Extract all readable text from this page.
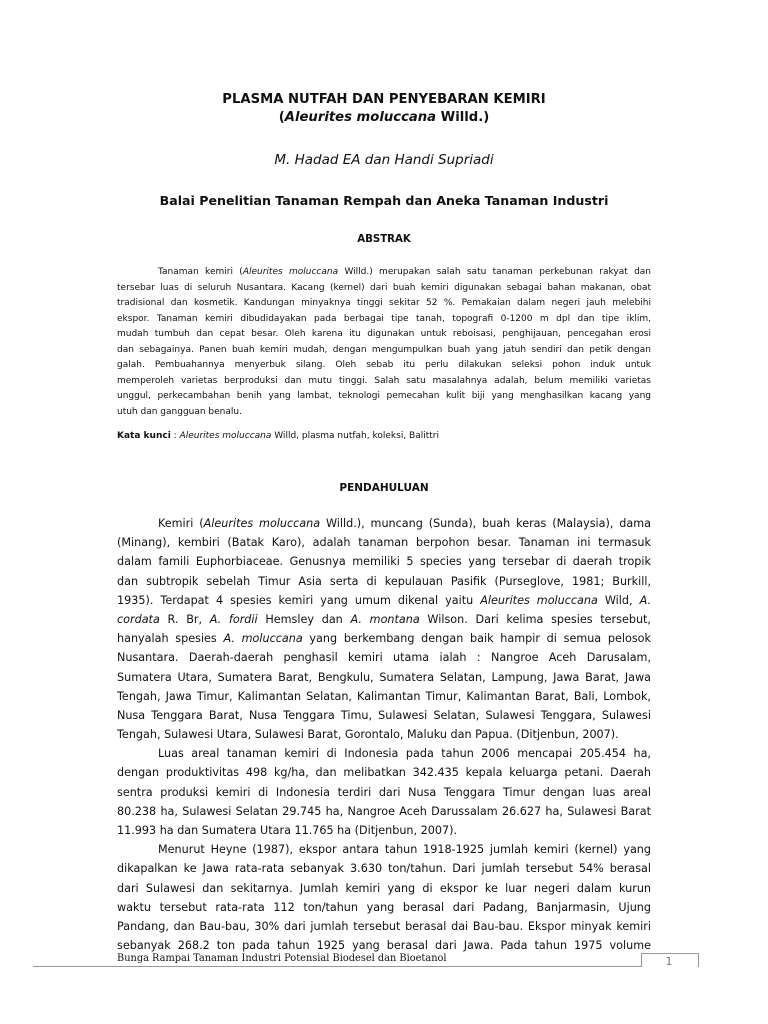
PLASMA NUTFAH DAN PENYEBARAN KEMIRI
(Aleurites moluccana Willd.)
M. Hadad EA dan Handi Supriadi
Balai Penelitian Tanaman Rempah dan Aneka Tanaman Industri
ABSTRAK
Tanaman kemiri (Aleurites moluccana Willd.) merupakan salah satu tanaman perkebunan rakyat dan
tersebar luas di seluruh Nusantara. Kacang (kernel) dari buah kemiri digunakan sebagai bahan makanan, obat
tradisional dan kosmetik. Kandungan minyaknya tinggi sekitar 52 %. Pemakaian dalam negeri jauh melebihi
ekspor. Tanaman kemiri dibudidayakan pada berbagai tipe tanah, topografi 0-1200 m dpl dan tipe iklim,
mudah tumbuh dan cepat besar. Oleh karena itu digunakan untuk reboisasi, penghijauan, pencegahan erosi
dan sebagainya. Panen buah kemiri mudah, dengan mengumpulkan buah yang jatuh sendiri dan petik dengan
galah. Pembuahannya menyerbuk silang. Oleh sebab itu perlu dilakukan seleksi pohon induk untuk
memperoleh varietas berproduksi dan mutu tinggi. Salah satu masalahnya adalah, belum memiliki varietas
unggul, perkecambahan benih yang lambat, teknologi pemecahan kulit biji yang menghasilkan kacang yang
utuh dan gangguan benalu.
Kata kunci : Aleurites moluccana Willd, plasma nutfah, koleksi, Balittri
PENDAHULUAN
Kemiri (Aleurites moluccana Willd.), muncang (Sunda), buah keras (Malaysia), dama
(Minang), kembiri (Batak Karo), adalah tanaman berpohon besar. Tanaman ini termasuk
dalam famili Euphorbiaceae. Genusnya memiliki 5 species yang tersebar di daerah tropik
dan subtropik sebelah Timur Asia serta di kepulauan Pasifik (Purseglove, 1981; Burkill,
1935). Terdapat 4 spesies kemiri yang umum dikenal yaitu Aleurites moluccana Wild, A.
cordata R. Br, A. fordii Hemsley dan A. montana Wilson. Dari kelima spesies tersebut,
hanyalah spesies A. moluccana yang berkembang dengan baik hampir di semua pelosok
Nusantara. Daerah-daerah penghasil kemiri utama ialah : Nangroe Aceh Darusalam,
Sumatera Utara, Sumatera Barat, Bengkulu, Sumatera Selatan, Lampung, Jawa Barat, Jawa
Tengah, Jawa Timur, Kalimantan Selatan, Kalimantan Timur, Kalimantan Barat, Bali, Lombok,
Nusa Tenggara Barat, Nusa Tenggara Timu, Sulawesi Selatan, Sulawesi Tenggara, Sulawesi
Tengah, Sulawesi Utara, Sulawesi Barat, Gorontalo, Maluku dan Papua. (Ditjenbun, 2007).
Luas areal tanaman kemiri di Indonesia pada tahun 2006 mencapai 205.454 ha,
dengan produktivitas 498 kg/ha, dan melibatkan 342.435 kepala keluarga petani. Daerah
sentra produksi kemiri di Indonesia terdiri dari Nusa Tenggara Timur dengan luas areal
80.238 ha, Sulawesi Selatan 29.745 ha, Nangroe Aceh Darussalam 26.627 ha, Sulawesi Barat
11.993 ha dan Sumatera Utara 11.765 ha (Ditjenbun, 2007).
Menurut Heyne (1987), ekspor antara tahun 1918-1925 jumlah kemiri (kernel) yang
dikapalkan ke Jawa rata-rata sebanyak 3.630 ton/tahun. Dari jumlah tersebut 54% berasal
dari Sulawesi dan sekitarnya. Jumlah kemiri yang di ekspor ke luar negeri dalam kurun
waktu tersebut rata-rata 112 ton/tahun yang berasal dari Padang, Banjarmasin, Ujung
Pandang, dan Bau-bau, 30% dari jumlah tersebut berasal dai Bau-bau. Ekspor minyak kemiri
sebanyak 268.2 ton pada tahun 1925 yang berasal dari Jawa. Pada tahun 1975 volume
Bunga Rampai Tanaman Industri Potensial Biodesel dan Bioetanol	1
